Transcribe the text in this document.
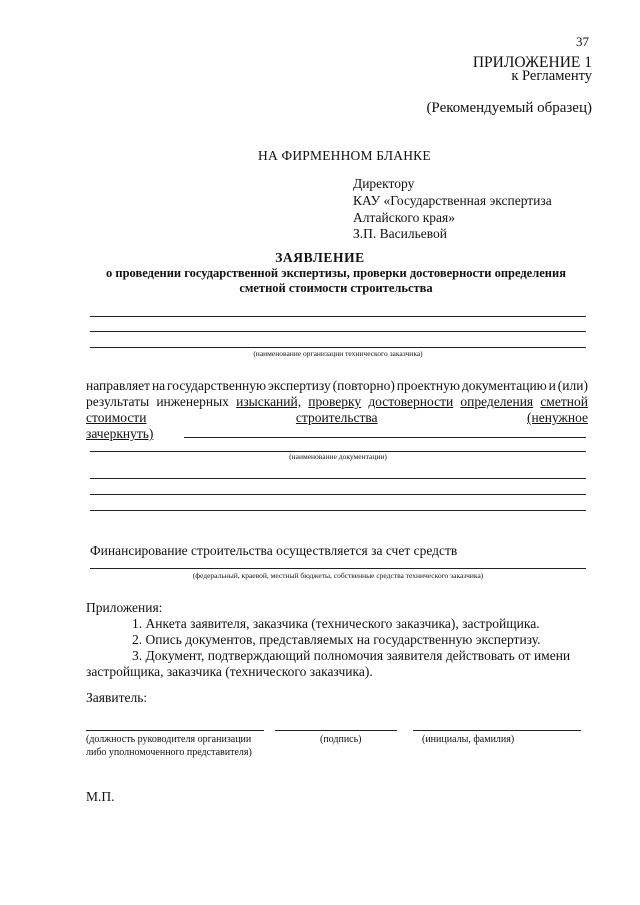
37
ПРИЛОЖЕНИЕ 1
к Регламенту
(Рекомендуемый образец)
НА ФИРМЕННОМ БЛАНКЕ
Директору
КАУ «Государственная экспертиза
Алтайского края»
З.П. Васильевой
ЗАЯВЛЕНИЕ
о проведении государственной экспертизы, проверки достоверности определения
сметной стоимости строительства
(наименование организации технического заказчика)
направляет на государственную экспертизу (повторно) проектную документацию и (или)
результаты инженерных изысканий, проверку достоверности определения сметной
стоимости	строительства	(ненужное
зачеркнуть)
(наименование документации)
Финансирование строительства осуществляется за счет средств
(федеральный, краевой, местный бюджеты, собственные средства технического заказчика)
Приложения:
1. Анкета заявителя, заказчика (технического заказчика), застройщика.
2. Опись документов, представляемых на государственную экспертизу.
3. Документ, подтверждающий полномочия заявителя действовать от имени
застройщика, заказчика (технического заказчика).
Заявитель:
(должность руководителя организации
либо уполномоченного представителя)
(подпись)	(инициалы, фамилия)
М.П.
